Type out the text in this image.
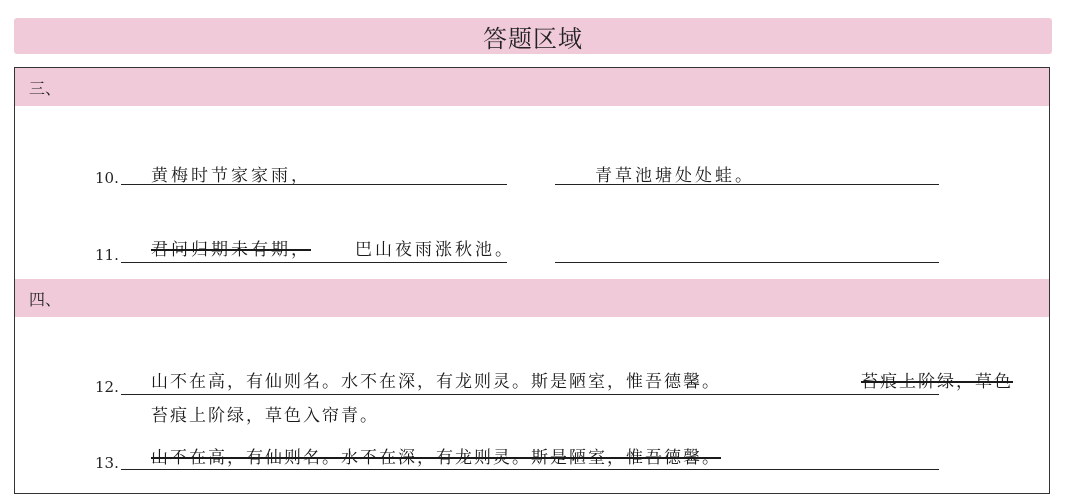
答题区域
三、
10. 黄梅时节家家雨，	青草池塘处处蛙。
11. 君问归期未有期，	巴山夜雨涨秋池。
四、
12. 山不在高，有仙则名。水不在深，有龙则灵。斯是陋室，惟吾德馨。	苔痕上阶绿，草色
苔痕上阶绿，草色入帘青。
13. 山不在高，有仙则名。水不在深，有龙则灵。斯是陋室，惟吾德馨。
